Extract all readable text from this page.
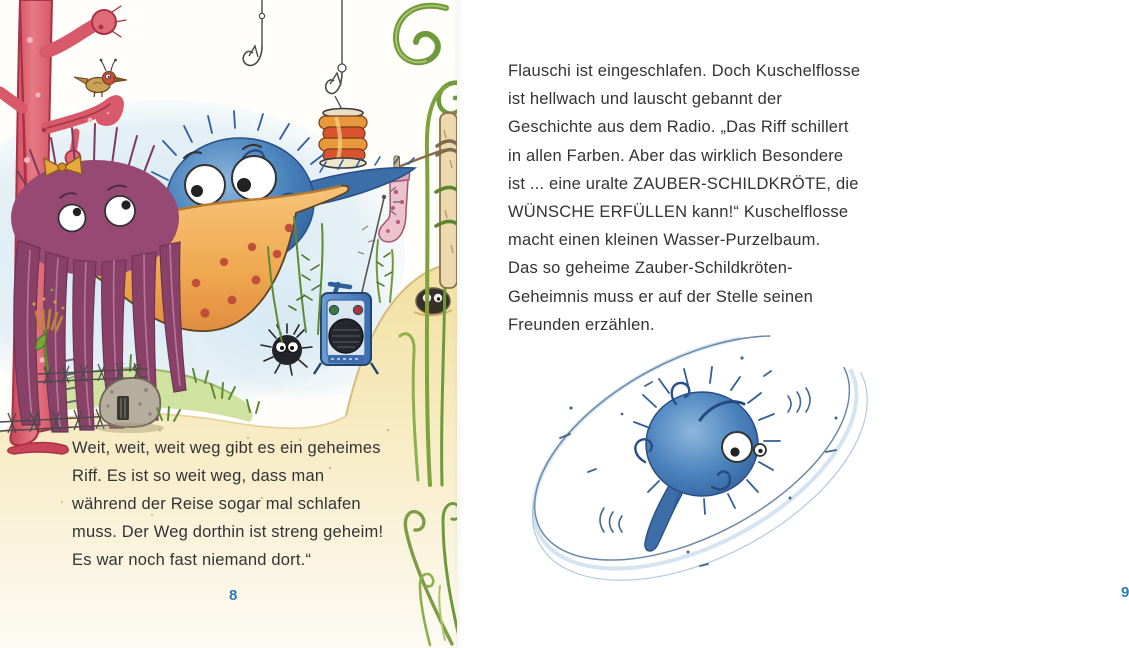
Weit, weit, weit weg gibt es ein geheimes
Riff. Es ist so weit weg, dass man
während der Reise sogar mal schlafen
muss. Der Weg dorthin ist streng geheim!
Es war noch fast niemand dort.“
8
Flauschi ist eingeschlafen. Doch Kuschelflosse
ist hellwach und lauscht gebannt der
Geschichte aus dem Radio. „Das Riff schillert
in allen Farben. Aber das wirklich Besondere
ist ... eine uralte ZAUBER-SCHILDKRÖTE, die
WÜNSCHE ERFÜLLEN kann!“ Kuschelflosse
macht einen kleinen Wasser-Purzelbaum.
Das so geheime Zauber-Schildkröten-
Geheimnis muss er auf der Stelle seinen
Freunden erzählen.
9
